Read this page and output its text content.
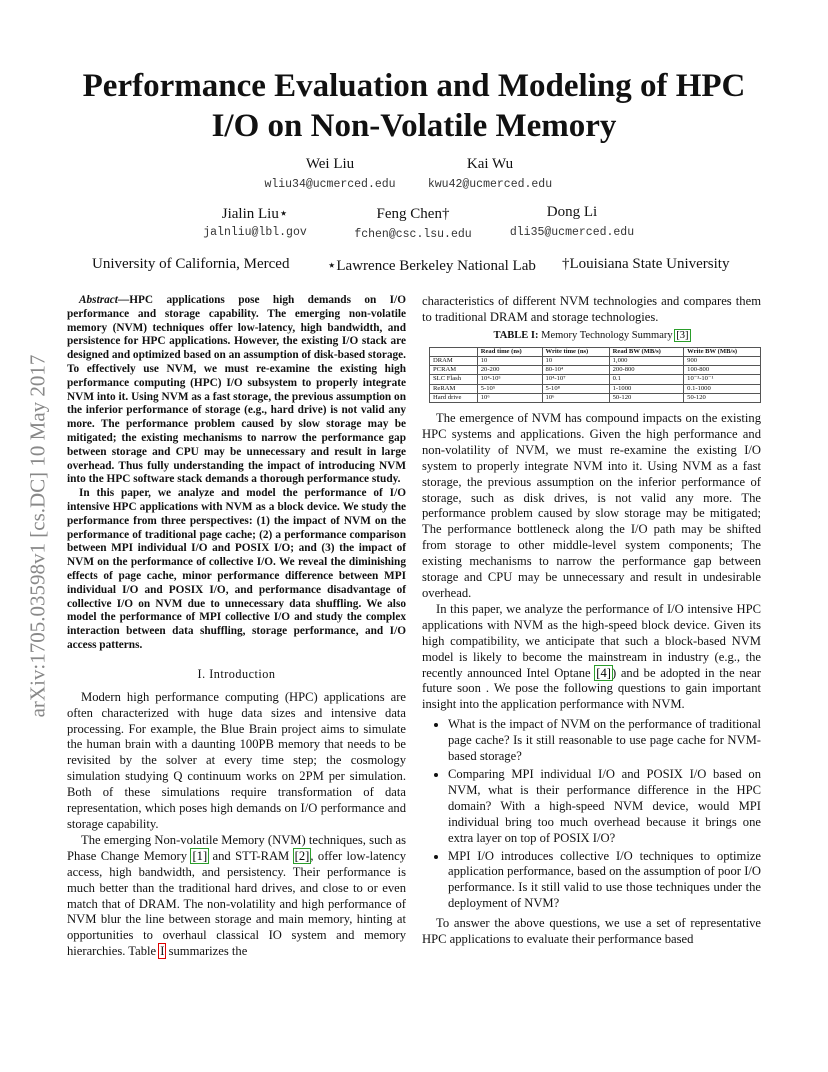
arXiv:1705.03598v1 [cs.DC] 10 May 2017
Performance Evaluation and Modeling of HPC
I/O on Non-Volatile Memory
Wei Liu
wliu34@ucmerced.edu
Kai Wu
kwu42@ucmerced.edu
Jialin Liu⋆
jalnliu@lbl.gov
Feng Chen†
fchen@csc.lsu.edu
Dong Li
dli35@ucmerced.edu
University of California, Merced	⋆Lawrence Berkeley National Lab †Louisiana State University

Abstract—HPC applications pose high demands on I/O performance and storage capability. The emerging non-volatile memory (NVM) techniques offer low-latency, high bandwidth, and persistence for HPC applications. However, the existing I/O stack are designed and optimized based on an assumption of disk-based storage. To effectively use NVM, we must re-examine the existing high performance computing (HPC) I/O subsystem to properly integrate NVM into it. Using NVM as a fast storage, the previous assumption on the inferior performance of storage (e.g., hard drive) is not valid any more. The performance problem caused by slow storage may be mitigated; the existing mechanisms to narrow the performance gap between storage and CPU may be unnecessary and result in large overhead. Thus fully understanding the impact of introducing NVM into the HPC software stack demands a thorough performance study.

In this paper, we analyze and model the performance of I/O intensive HPC applications with NVM as a block device. We study the performance from three perspectives: (1) the impact of NVM on the performance of traditional page cache; (2) a performance comparison between MPI individual I/O and POSIX I/O; and (3) the impact of NVM on the performance of collective I/O. We reveal the diminishing effects of page cache, minor performance difference between MPI individual I/O and POSIX I/O, and performance disadvantage of collective I/O on NVM due to unnecessary data shuffling. We also model the performance of MPI collective I/O and study the complex interaction between data shuffling, storage performance, and I/O access patterns.

I. Introduction

Modern high performance computing (HPC) applications are often characterized with huge data sizes and intensive data processing. For example, the Blue Brain project aims to simulate the human brain with a daunting 100PB memory that needs to be revisited by the solver at every time step; the cosmology simulation studying Q continuum works on 2PM per simulation. Both of these simulations require transformation of data representation, which poses high demands on I/O performance and storage capability.

The emerging Non-volatile Memory (NVM) techniques, such as Phase Change Memory [1] and STT-RAM [2], offer low-latency access, high bandwidth, and persistency. Their performance is much better than the traditional hard drives, and close to or even match that of DRAM. The non-volatility and high performance of NVM blur the line between storage and main memory, hinting at opportunities to overhaul classical IO system and memory hierarchies. Table I summarizes the

characteristics of different NVM technologies and compares them to traditional DRAM and storage technologies.
TABLE I: Memory Technology Summary [3]
	Read time (ns)	Write time (ns)	Read BW (MB/s)	Write BW (MB/s)
DRAM	10	10	1,000	900
PCRAM	20-200	80-10⁴	200-800	100-800
SLC Flash	10⁴-10⁵	10⁴-10⁷	0.1	10⁻³-10⁻¹
ReRAM	5-10⁵	5-10⁸	1-1000	0.1-1000
Hard drive	10⁶	10⁶	50-120	50-120

The emergence of NVM has compound impacts on the existing HPC systems and applications. Given the high performance and non-volatility of NVM, we must re-examine the existing I/O system to properly integrate NVM into it. Using NVM as a fast storage, the previous assumption on the inferior performance of storage, such as disk drives, is not valid any more. The performance problem caused by slow storage may be mitigated; The performance bottleneck along the I/O path may be shifted from storage to other middle-level system components; The existing mechanisms to narrow the performance gap between storage and CPU may be unnecessary and result in undesirable overhead.

In this paper, we analyze the performance of I/O intensive HPC applications with NVM as the high-speed block device. Given its high compatibility, we anticipate that such a block-based NVM model is likely to become the mainstream in industry (e.g., the recently announced Intel Optane [4]) and be adopted in the near future soon . We pose the following questions to gain important insight into the application performance with NVM.

• What is the impact of NVM on the performance of traditional page cache? Is it still reasonable to use page cache for NVM-based storage?
• Comparing MPI individual I/O and POSIX I/O based on NVM, what is their performance difference in the HPC domain? With a high-speed NVM device, would MPI individual bring too much overhead because it brings one extra layer on top of POSIX I/O?
• MPI I/O introduces collective I/O techniques to optimize application performance, based on the assumption of poor I/O performance. Is it still valid to use those techniques under the deployment of NVM?

To answer the above questions, we use a set of representative HPC applications to evaluate their performance based
